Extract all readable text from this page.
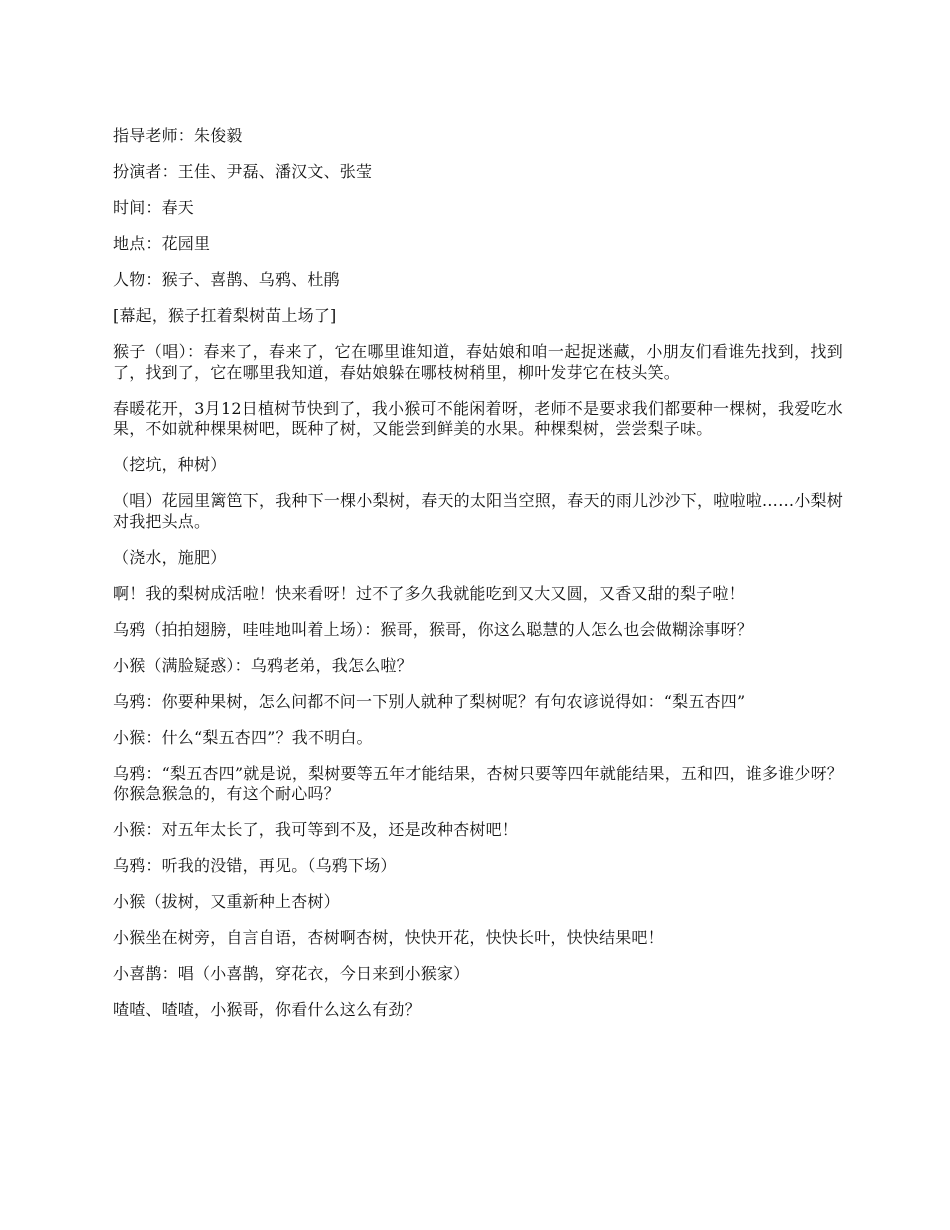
指导老师：朱俊毅

扮演者：王佳、尹磊、潘汉文、张莹

时间：春天

地点：花园里

人物：猴子、喜鹊、乌鸦、杜鹃

[幕起，猴子扛着梨树苗上场了]

猴子（唱）：春来了，春来了，它在哪里谁知道，春姑娘和咱一起捉迷藏，小朋友们看谁先找到，找到了，找到了，它在哪里我知道，春姑娘躲在哪枝树稍里，柳叶发芽它在枝头笑。

春暖花开，3月12日植树节快到了，我小猴可不能闲着呀，老师不是要求我们都要种一棵树，我爱吃水果，不如就种棵果树吧，既种了树，又能尝到鲜美的水果。种棵梨树，尝尝梨子味。

（挖坑，种树）

（唱）花园里篱笆下，我种下一棵小梨树，春天的太阳当空照，春天的雨儿沙沙下，啦啦啦……小梨树对我把头点。

（浇水，施肥）

啊！我的梨树成活啦！快来看呀！过不了多久我就能吃到又大又圆，又香又甜的梨子啦！

乌鸦（拍拍翅膀，哇哇地叫着上场）：猴哥，猴哥，你这么聪慧的人怎么也会做糊涂事呀？

小猴（满脸疑惑）：乌鸦老弟，我怎么啦？

乌鸦：你要种果树，怎么问都不问一下别人就种了梨树呢？有句农谚说得如：“梨五杏四”

小猴：什么“梨五杏四”？我不明白。

乌鸦：“梨五杏四”就是说，梨树要等五年才能结果，杏树只要等四年就能结果，五和四，谁多谁少呀？你猴急猴急的，有这个耐心吗？

小猴：对五年太长了，我可等到不及，还是改种杏树吧！

乌鸦：听我的没错，再见。（乌鸦下场）

小猴（拔树，又重新种上杏树）

小猴坐在树旁，自言自语，杏树啊杏树，快快开花，快快长叶，快快结果吧！

小喜鹊：唱（小喜鹊，穿花衣，今日来到小猴家）

喳喳、喳喳，小猴哥，你看什么这么有劲？
